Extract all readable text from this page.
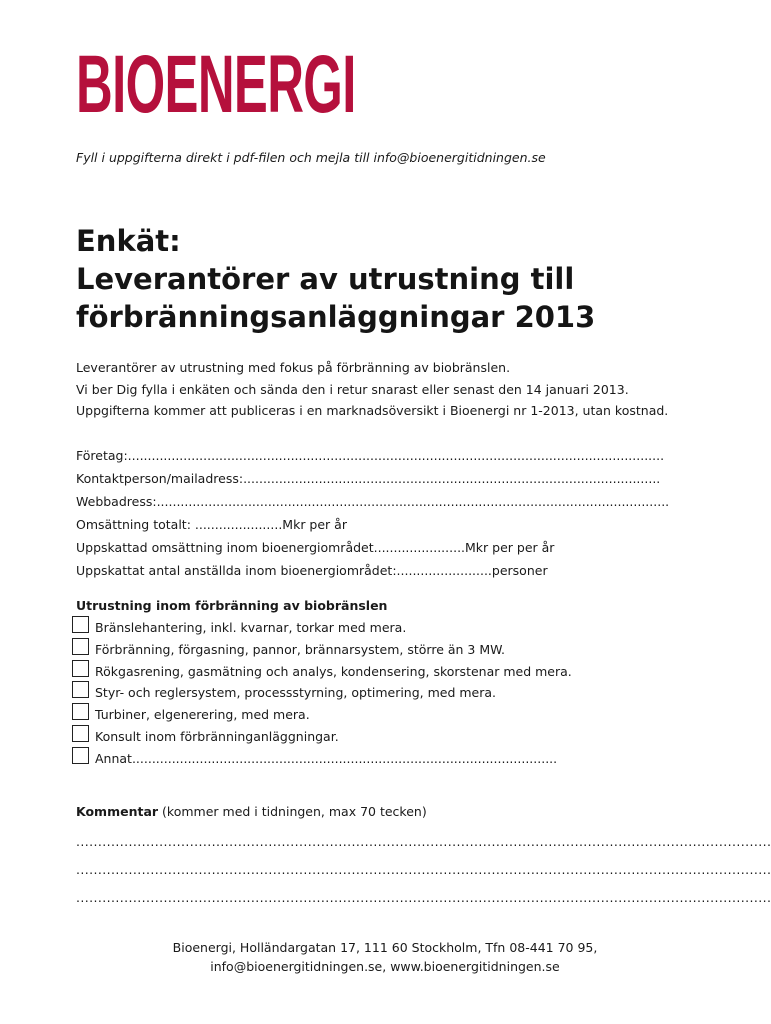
BIOENERGI
Fyll i uppgifterna direkt i pdf-filen och mejla till info@bioenergitidningen.se
Enkät:
Leverantörer av utrustning till
förbränningsanläggningar 2013
Leverantörer av utrustning med fokus på förbränning av biobränslen.
Vi ber Dig fylla i enkäten och sända den i retur snarast eller senast den 14 januari 2013.
Uppgifterna kommer att publiceras i en marknadsöversikt i Bioenergi nr 1-2013, utan kostnad.
Företag:.......................................................................................................................................
Kontaktperson/mailadress:.........................................................................................................
Webbadress:.................................................................................................................................
Omsättning totalt: ......................Mkr per år
Uppskattad omsättning inom bioenergiområdet.......................Mkr per per år
Uppskattat antal anställda inom bioenergiområdet:........................personer
Utrustning inom förbränning av biobränslen
Bränslehantering, inkl. kvarnar, torkar med mera.
Förbränning, förgasning, pannor, brännarsystem, större än 3 MW.
Rökgasrening, gasmätning och analys, kondensering, skorstenar med mera.
Styr- och reglersystem, processstyrning, optimering, med mera.
Turbiner, elgenerering, med mera.
Konsult inom förbränninganläggningar.
Annat...........................................................................................................
Kommentar (kommer med i tidningen, max 70 tecken)
...............................................................................................................................................................
...............................................................................................................................................................
...............................................................................................................................................................
Bioenergi, Holländargatan 17, 111 60 Stockholm, Tfn 08-441 70 95,
info@bioenergitidningen.se, www.bioenergitidningen.se
